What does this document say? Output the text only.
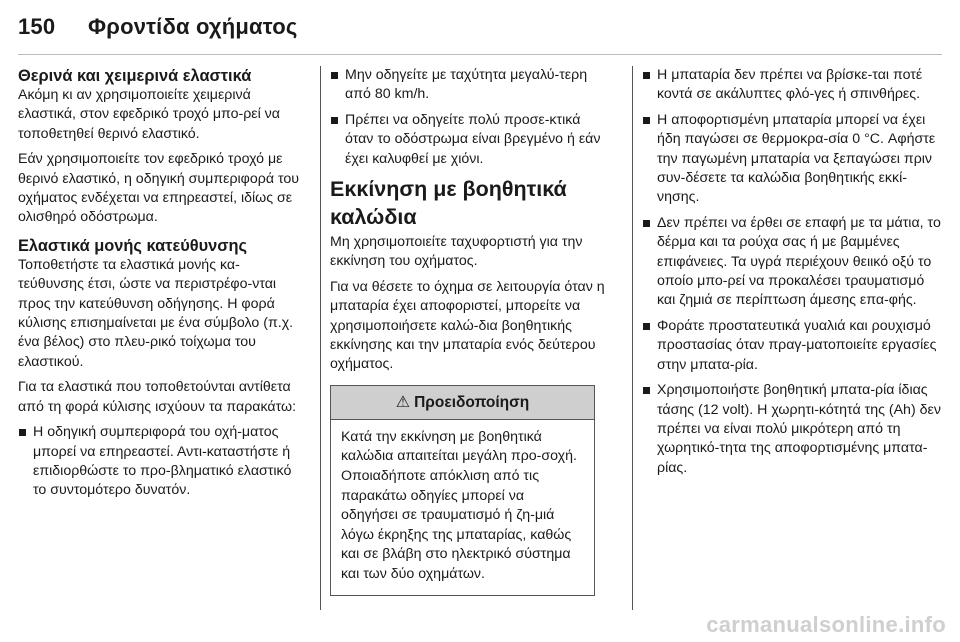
150	Φροντίδα οχήματος
Θερινά και χειμερινά ελαστικά

Ακόμη κι αν χρησιμοποιείτε χειμερινά ελαστικά, στον εφεδρικό τροχό μπο-ρεί να τοποθετηθεί θερινό ελαστικό.

Εάν χρησιμοποιείτε τον εφεδρικό τροχό με θερινό ελαστικό, η οδηγική συμπεριφορά του οχήματος ενδέχεται να επηρεαστεί, ιδίως σε ολισθηρό οδόστρωμα.

Ελαστικά μονής κατεύθυνσης

Τοποθετήστε τα ελαστικά μονής κα-τεύθυνσης έτσι, ώστε να περιστρέφο-νται προς την κατεύθυνση οδήγησης. Η φορά κύλισης επισημαίνεται με ένα σύμβολο (π.χ. ένα βέλος) στο πλευ-ρικό τοίχωμα του ελαστικού.

Για τα ελαστικά που τοποθετούνται αντίθετα από τη φορά κύλισης ισχύουν τα παρακάτω:

Η οδηγική συμπεριφορά του οχή-ματος μπορεί να επηρεαστεί. Αντι-καταστήστε ή επιδιορθώστε το προ-βληματικό ελαστικό το συντομότερο δυνατόν.
Μην οδηγείτε με ταχύτητα μεγαλύ-τερη από 80 km/h.
Πρέπει να οδηγείτε πολύ προσε-κτικά όταν το οδόστρωμα είναι βρεγμένο ή εάν έχει καλυφθεί με χιόνι.
Εκκίνηση με βοηθητικά καλώδια

Μη χρησιμοποιείτε ταχυφορτιστή για την εκκίνηση του οχήματος.

Για να θέσετε το όχημα σε λειτουργία όταν η μπαταρία έχει αποφοριστεί, μπορείτε να χρησιμοποιήσετε καλώ-δια βοηθητικής εκκίνησης και την μπαταρία ενός δεύτερου οχήματος.

⚠ Προειδοποίηση
Κατά την εκκίνηση με βοηθητικά καλώδια απαιτείται μεγάλη προ-σοχή. Οποιαδήποτε απόκλιση από τις παρακάτω οδηγίες μπορεί να οδηγήσει σε τραυματισμό ή ζη-μιά λόγω έκρηξης της μπαταρίας, καθώς και σε βλάβη στο ηλεκτρικό σύστημα και των δύο οχημάτων.
Η μπαταρία δεν πρέπει να βρίσκε-ται ποτέ κοντά σε ακάλυπτες φλό-γες ή σπινθήρες.
Η αποφορτισμένη μπαταρία μπορεί να έχει ήδη παγώσει σε θερμοκρα-σία 0 °C. Αφήστε την παγωμένη μπαταρία να ξεπαγώσει πριν συν-δέσετε τα καλώδια βοηθητικής εκκί-νησης.
Δεν πρέπει να έρθει σε επαφή με τα μάτια, το δέρμα και τα ρούχα σας ή με βαμμένες επιφάνειες. Τα υγρά περιέχουν θειικό οξύ το οποίο μπο-ρεί να προκαλέσει τραυματισμό και ζημιά σε περίπτωση άμεσης επα-φής.
Φοράτε προστατευτικά γυαλιά και ρουχισμό προστασίας όταν πραγ-ματοποιείτε εργασίες στην μπατα-ρία.
Χρησιμοποιήστε βοηθητική μπατα-ρία ίδιας τάσης (12 volt). Η χωρητι-κότητά της (Ah) δεν πρέπει να είναι πολύ μικρότερη από τη χωρητικό-τητα της αποφορτισμένης μπατα-ρίας.
carmanualsonline.info
